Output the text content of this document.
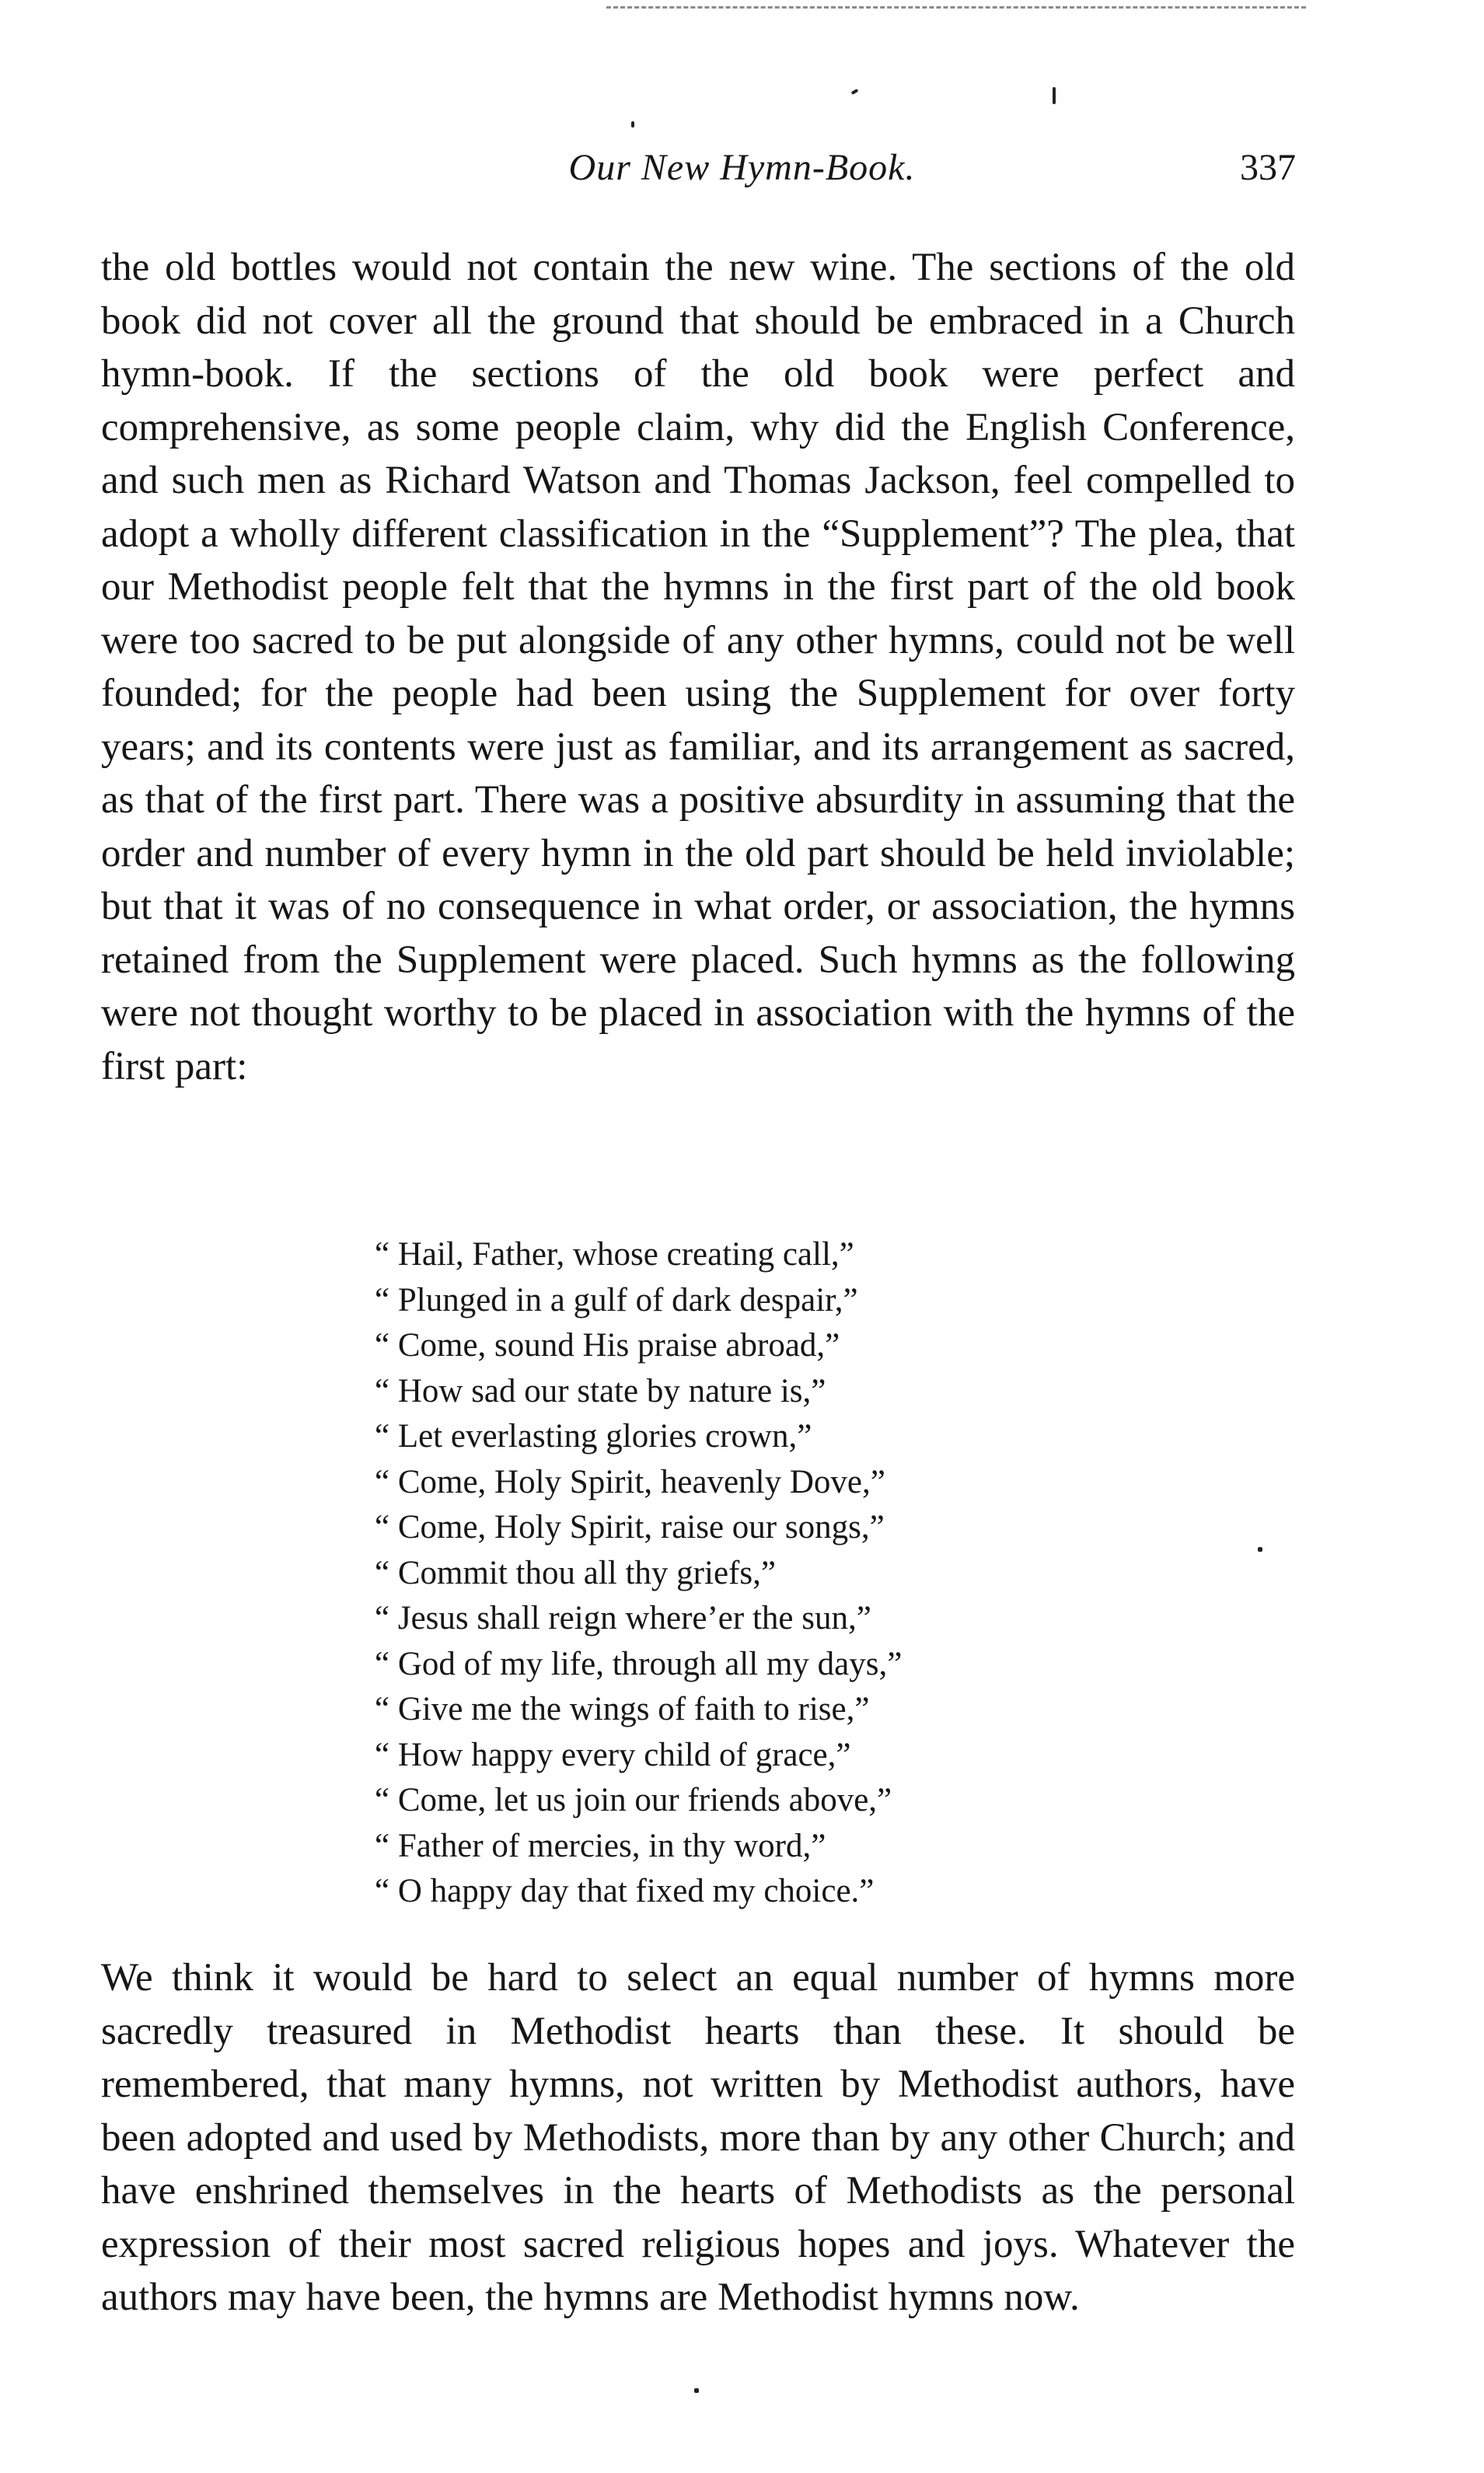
Our New Hymn-Book.	337

the old bottles would not contain the new wine. The sections of the old book did not cover all the ground that should be embraced in a Church hymn-book. If the sections of the old book were perfect and comprehensive, as some people claim, why did the English Conference, and such men as Richard Watson and Thomas Jackson, feel compelled to adopt a wholly different classification in the “Supplement”? The plea, that our Methodist people felt that the hymns in the first part of the old book were too sacred to be put alongside of any other hymns, could not be well founded; for the people had been using the Supplement for over forty years; and its contents were just as familiar, and its arrangement as sacred, as that of the first part. There was a positive absurdity in assuming that the order and number of every hymn in the old part should be held inviolable; but that it was of no consequence in what order, or association, the hymns retained from the Supplement were placed. Such hymns as the following were not thought worthy to be placed in association with the hymns of the first part:

“ Hail, Father, whose creating call,”
“ Plunged in a gulf of dark despair,”
“ Come, sound His praise abroad,”
“ How sad our state by nature is,”
“ Let everlasting glories crown,”
“ Come, Holy Spirit, heavenly Dove,”
“ Come, Holy Spirit, raise our songs,”
“ Commit thou all thy griefs,”
“ Jesus shall reign where’er the sun,”
“ God of my life, through all my days,”
“ Give me the wings of faith to rise,”
“ How happy every child of grace,”
“ Come, let us join our friends above,”
“ Father of mercies, in thy word,”
“ O happy day that fixed my choice.”

We think it would be hard to select an equal number of hymns more sacredly treasured in Methodist hearts than these. It should be remembered, that many hymns, not written by Methodist authors, have been adopted and used by Methodists, more than by any other Church; and have enshrined themselves in the hearts of Methodists as the personal expression of their most sacred religious hopes and joys. Whatever the authors may have been, the hymns are Methodist hymns now.
